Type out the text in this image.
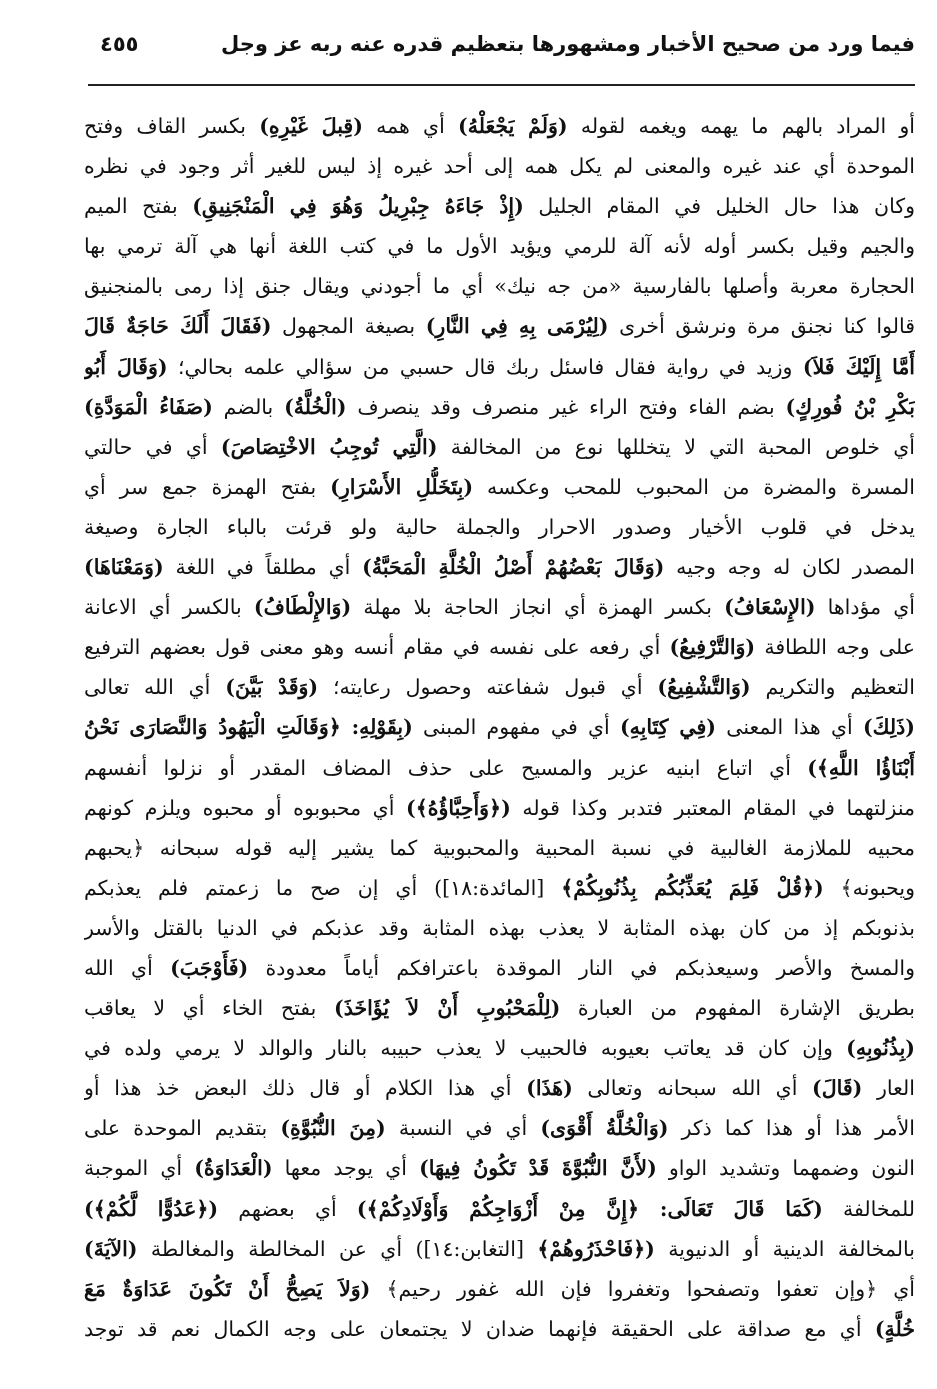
فيما ورد من صحيح الأخبار ومشهورها بتعظيم قدره عنه ربه عز وجل
٤٥٥
أو المراد بالهم ما يهمه ويغمه لقوله (وَلَمْ يَجْعَلْهُ) أي همه (قِبلَ غَيْرِهِ) بكسر القاف وفتح
الموحدة أي عند غيره والمعنى لم يكل همه إلى أحد غيره إذ ليس للغير أثر وجود في نظره
وكان هذا حال الخليل في المقام الجليل (إِذْ جَاءَهُ جِبْرِيلُ وَهُوَ فِي الْمَنْجَنِيقِ) بفتح الميم
والجيم وقيل بكسر أوله لأنه آلة للرمي ويؤيد الأول ما في كتب اللغة أنها هي آلة ترمي بها
الحجارة معربة وأصلها بالفارسية «من جه نيك» أي ما أجودني ويقال جنق إذا رمى بالمنجنيق
قالوا كنا نجنق مرة ونرشق أخرى (لِيُرْمَى بِهِ فِي النَّارِ) بصيغة المجهول (فَقَالَ أَلَكَ حَاجَةٌ قَالَ
أَمَّا إِلَيْكَ فَلاَ) وزيد في رواية فقال فاسئل ربك قال حسبي من سؤالي علمه بحالي؛ (وَقَالَ أَبُو
بَكْرِ بْنُ فُورِكٍ) بضم الفاء وفتح الراء غير منصرف وقد ينصرف (الْخُلَّةُ) بالضم (صَفَاءُ الْمَوَدَّةِ)
أي خلوص المحبة التي لا يتخللها نوع من المخالفة (الَّتِي تُوجِبُ الاخْتِصَاصَ) أي في حالتي
المسرة والمضرة من المحبوب للمحب وعكسه (بِتَخَلُّلِ الأَسْرَارِ) بفتح الهمزة جمع سر أي
يدخل في قلوب الأخيار وصدور الاحرار والجملة حالية ولو قرئت بالباء الجارة وصيغة
المصدر لكان له وجه وجيه (وَقَالَ بَعْضُهُمْ أَصْلُ الْخُلَّةِ الْمَحَبَّةُ) أي مطلقاً في اللغة (وَمَعْنَاهَا)
أي مؤداها (الإِسْعَافُ) بكسر الهمزة أي انجاز الحاجة بلا مهلة (وَالإِلْطَافُ) بالكسر أي الاعانة
على وجه اللطافة (وَالتَّرْفِيعُ) أي رفعه على نفسه في مقام أنسه وهو معنى قول بعضهم الترفيع
التعظيم والتكريم (وَالتَّشْفِيعُ) أي قبول شفاعته وحصول رعايته؛ (وَقَدْ بَيَّنَ) أي الله تعالى
(ذَلِكَ) أي هذا المعنى (فِي كِتَابِهِ) أي في مفهوم المبنى (بِقَوْلِهِ: ﴿وَقَالَتِ الْيَهُودُ وَالنَّصَارَى نَحْنُ
أَبْنَاؤُا اللَّهِ﴾) أي اتباع ابنيه عزير والمسيح على حذف المضاف المقدر أو نزلوا أنفسهم
منزلتهما في المقام المعتبر فتدبر وكذا قوله (﴿وَأَحِبَّاؤُهُ﴾) أي محبوبوه أو محبوه ويلزم كونهم
محبيه للملازمة الغالبية في نسبة المحبية والمحبوبية كما يشير إليه قوله سبحانه ﴿يحبهم
ويحبونه﴾ (﴿قُلْ فَلِمَ يُعَذِّبُكُم بِذُنُوبِكُمْ﴾ [المائدة:١٨]) أي إن صح ما زعمتم فلم يعذبكم
بذنوبكم إذ من كان بهذه المثابة لا يعذب بهذه المثابة وقد عذبكم في الدنيا بالقتل والأسر
والمسخ والأصر وسيعذبكم في النار الموقدة باعترافكم أياماً معدودة (فَأَوْجَبَ) أي الله
بطريق الإشارة المفهوم من العبارة (لِلْمَحْبُوبِ أَنْ لاَ يُؤَاخَذَ) بفتح الخاء أي لا يعاقب
(بِذُنُوبِهِ) وإن كان قد يعاتب بعيوبه فالحبيب لا يعذب حبيبه بالنار والوالد لا يرمي ولده في
العار (قَالَ) أي الله سبحانه وتعالى (هَذَا) أي هذا الكلام أو قال ذلك البعض خذ هذا أو
الأمر هذا أو هذا كما ذكر (وَالْخُلَّةُ أَقْوَى) أي في النسبة (مِنَ النُّبُوَّةِ) بتقديم الموحدة على
النون وضمهما وتشديد الواو (لأَنَّ النُّبُوَّةَ قَدْ تَكُونُ فِيهَا) أي يوجد معها (الْعَدَاوَةُ) أي الموجبة
للمخالفة (كَمَا قَالَ تَعَالَى: ﴿إِنَّ مِنْ أَزْوَاجِكُمْ وَأَوْلَادِكُمْ﴾) أي بعضهم (﴿عَدُوًّا لَّكُمْ﴾)
بالمخالفة الدينية أو الدنيوية (﴿فَاحْذَرُوهُمْ﴾ [التغابن:١٤]) أي عن المخالطة والمغالطة (الآيَةَ)
أي ﴿وإن تعفوا وتصفحوا وتغفروا فإن الله غفور رحيم﴾ (وَلاَ يَصِحُّ أَنْ تَكُونَ عَدَاوَةٌ مَعَ
خُلَّةٍ) أي مع صداقة على الحقيقة فإنهما ضدان لا يجتمعان على وجه الكمال نعم قد توجد
